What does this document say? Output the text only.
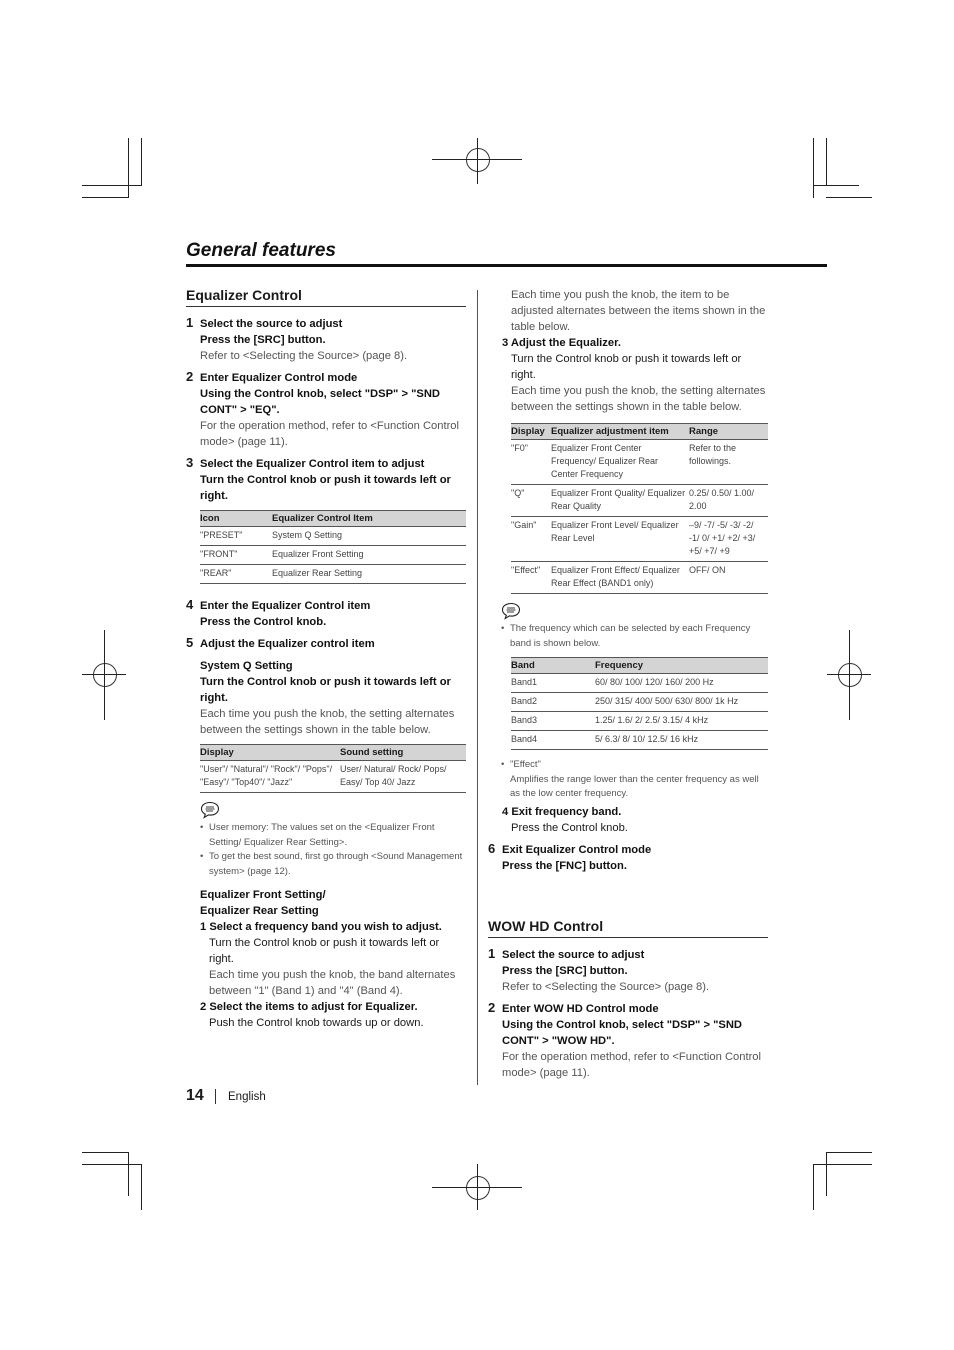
General features
Equalizer Control
1 Select the source to adjust
Press the [SRC] button.
Refer to <Selecting the Source> (page 8).
2 Enter Equalizer Control mode
Using the Control knob, select "DSP" > "SND CONT" > "EQ".
For the operation method, refer to <Function Control mode> (page 11).
3 Select the Equalizer Control item to adjust
Turn the Control knob or push it towards left or right.
Icon	Equalizer Control Item
"PRESET"	System Q Setting
"FRONT"	Equalizer Front Setting
"REAR"	Equalizer Rear Setting
4 Enter the Equalizer Control item
Press the Control knob.
5 Adjust the Equalizer control item
System Q Setting
Turn the Control knob or push it towards left or right.
Each time you push the knob, the setting alternates between the settings shown in the table below.
Display	Sound setting
"User"/ "Natural"/ "Rock"/ "Pops"/ "Easy"/ "Top40"/ "Jazz"	User/ Natural/ Rock/ Pops/ Easy/ Top 40/ Jazz
• User memory: The values set on the <Equalizer Front Setting/ Equalizer Rear Setting>.
• To get the best sound, first go through <Sound Management system> (page 12).
Equalizer Front Setting/
Equalizer Rear Setting
1 Select a frequency band you wish to adjust.
Turn the Control knob or push it towards left or right.
Each time you push the knob, the band alternates between "1" (Band 1) and "4" (Band 4).
2 Select the items to adjust for Equalizer.
Push the Control knob towards up or down.
Each time you push the knob, the item to be adjusted alternates between the items shown in the table below.
3 Adjust the Equalizer.
Turn the Control knob or push it towards left or right.
Each time you push the knob, the setting alternates between the settings shown in the table below.
Display	Equalizer adjustment item	Range
"F0"	Equalizer Front Center Frequency/ Equalizer Rear Center Frequency	Refer to the followings.
"Q"	Equalizer Front Quality/ Equalizer Rear Quality	0.25/ 0.50/ 1.00/ 2.00
"Gain"	Equalizer Front Level/ Equalizer Rear Level	–9/ -7/ -5/ -3/ -2/ -1/ 0/ +1/ +2/ +3/ +5/ +7/ +9
"Effect"	Equalizer Front Effect/ Equalizer Rear Effect (BAND1 only)	OFF/ ON
• The frequency which can be selected by each Frequency band is shown below.
Band	Frequency
Band1	60/ 80/ 100/ 120/ 160/ 200 Hz
Band2	250/ 315/ 400/ 500/ 630/ 800/ 1k Hz
Band3	1.25/ 1.6/ 2/ 2.5/ 3.15/ 4 kHz
Band4	5/ 6.3/ 8/ 10/ 12.5/ 16 kHz
• "Effect"
Amplifies the range lower than the center frequency as well as the low center frequency.
4 Exit frequency band.
Press the Control knob.
6 Exit Equalizer Control mode
Press the [FNC] button.
WOW HD Control
1 Select the source to adjust
Press the [SRC] button.
Refer to <Selecting the Source> (page 8).
2 Enter WOW HD Control mode
Using the Control knob, select "DSP" > "SND CONT" > "WOW HD".
For the operation method, refer to <Function Control mode> (page 11).
14 English
